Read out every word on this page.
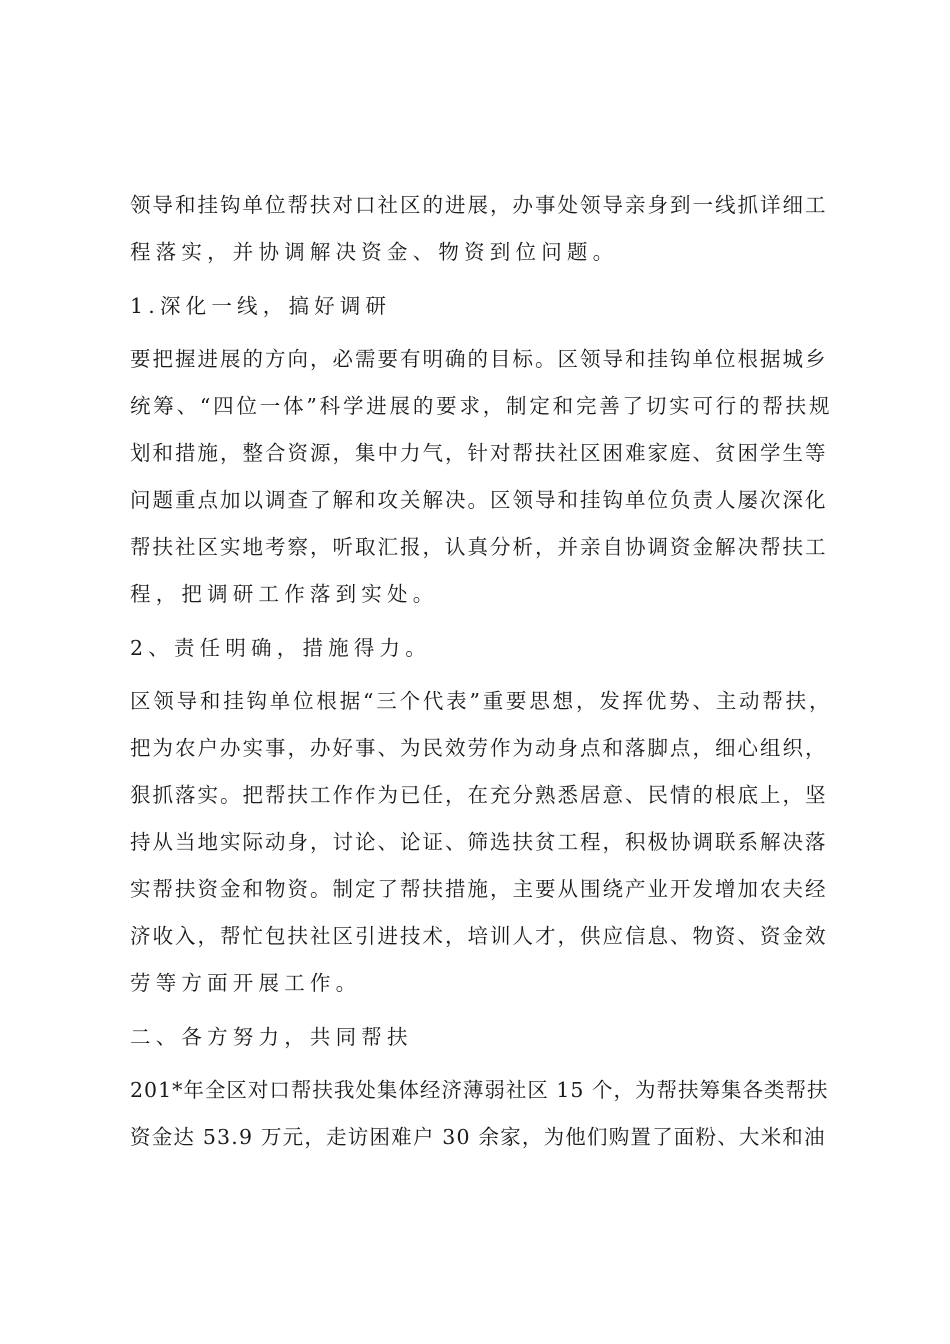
领导和挂钩单位帮扶对口社区的进展，办事处领导亲身到一线抓详细工
程落实，并协调解决资金、物资到位问题。
1.深化一线，搞好调研
要把握进展的方向，必需要有明确的目标。区领导和挂钩单位根据城乡
统筹、“四位一体”科学进展的要求，制定和完善了切实可行的帮扶规
划和措施，整合资源，集中力气，针对帮扶社区困难家庭、贫困学生等
问题重点加以调查了解和攻关解决。区领导和挂钩单位负责人屡次深化
帮扶社区实地考察，听取汇报，认真分析，并亲自协调资金解决帮扶工
程，把调研工作落到实处。
2、责任明确，措施得力。
区领导和挂钩单位根据“三个代表”重要思想，发挥优势、主动帮扶，
把为农户办实事，办好事、为民效劳作为动身点和落脚点，细心组织，
狠抓落实。把帮扶工作作为已任，在充分熟悉居意、民情的根底上，坚
持从当地实际动身，讨论、论证、筛选扶贫工程，积极协调联系解决落
实帮扶资金和物资。制定了帮扶措施，主要从围绕产业开发增加农夫经
济收入，帮忙包扶社区引进技术，培训人才，供应信息、物资、资金效
劳等方面开展工作。
二、各方努力，共同帮扶
201*年全区对口帮扶我处集体经济薄弱社区 15 个，为帮扶筹集各类帮扶
资金达 53.9 万元，走访困难户 30 余家，为他们购置了面粉、大米和油
